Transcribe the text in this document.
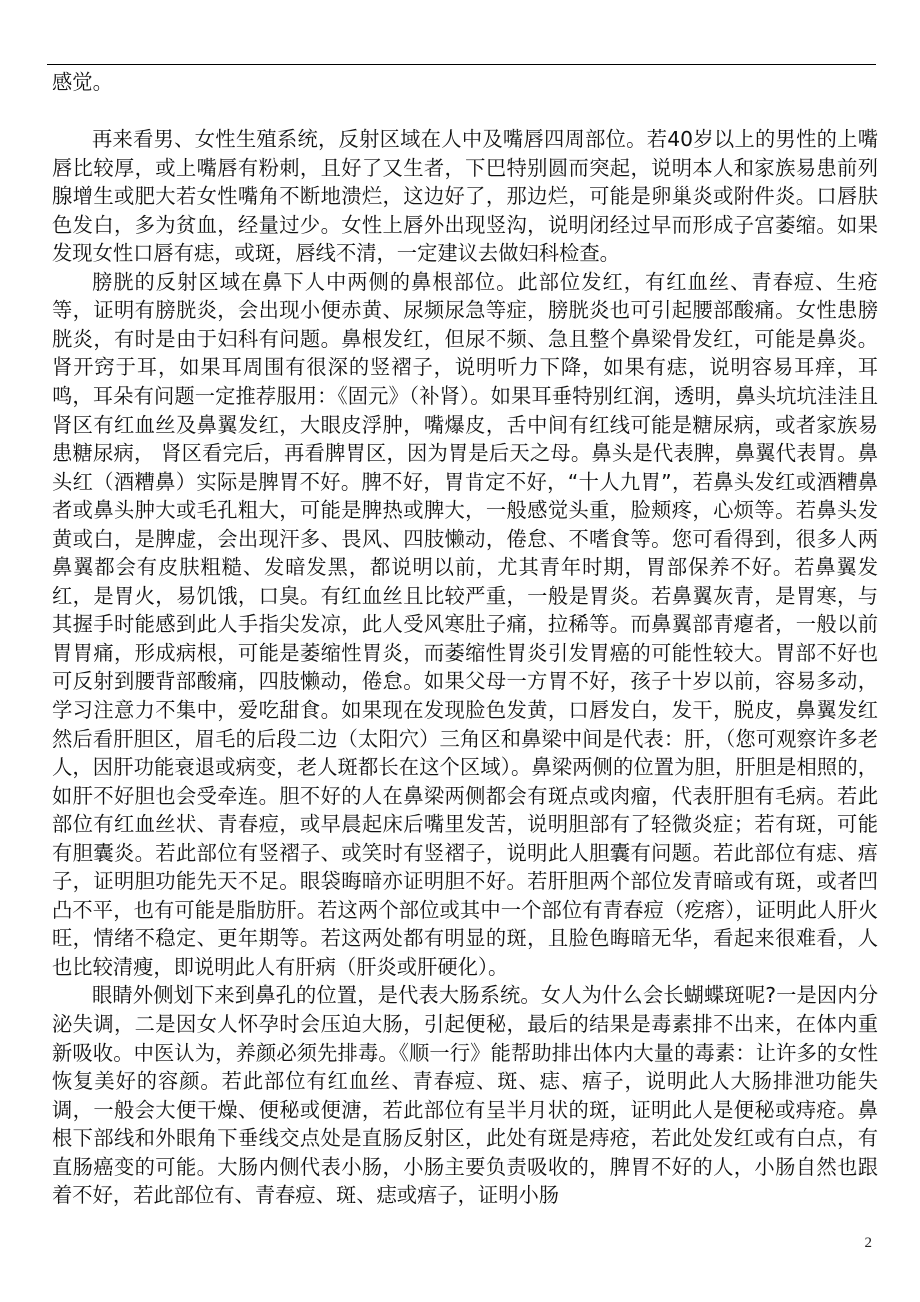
感觉。

再来看男、女性生殖系统，反射区域在人中及嘴唇四周部位。若40岁以上的男性的上嘴唇比较厚，或上嘴唇有粉刺，且好了又生者，下巴特别圆而突起，说明本人和家族易患前列腺增生或肥大若女性嘴角不断地溃烂，这边好了，那边烂，可能是卵巢炎或附件炎。口唇肤色发白，多为贫血，经量过少。女性上唇外出现竖沟，说明闭经过早而形成子宫萎缩。如果发现女性口唇有痣，或斑，唇线不清，一定建议去做妇科检查。

膀胱的反射区域在鼻下人中两侧的鼻根部位。此部位发红，有红血丝、青春痘、生疮等，证明有膀胱炎，会出现小便赤黄、尿频尿急等症，膀胱炎也可引起腰部酸痛。女性患膀胱炎，有时是由于妇科有问题。鼻根发红，但尿不频、急且整个鼻梁骨发红，可能是鼻炎。 肾开窍于耳，如果耳周围有很深的竖褶子，说明听力下降，如果有痣，说明容易耳痒，耳鸣，耳朵有问题一定推荐服用：《固元》（补肾）。如果耳垂特别红润，透明，鼻头坑坑洼洼且肾区有红血丝及鼻翼发红，大眼皮浮肿，嘴爆皮，舌中间有红线可能是糖尿病，或者家族易患糖尿病， 肾区看完后，再看脾胃区，因为胃是后天之母。鼻头是代表脾，鼻翼代表胃。鼻头红（酒糟鼻）实际是脾胃不好。脾不好，胃肯定不好，“十人九胃”，若鼻头发红或酒糟鼻者或鼻头肿大或毛孔粗大，可能是脾热或脾大，一般感觉头重，脸颊疼，心烦等。若鼻头发黄或白，是脾虚，会出现汗多、畏风、四肢懒动，倦怠、不嗜食等。您可看得到，很多人两鼻翼都会有皮肤粗糙、发暗发黑，都说明以前，尤其青年时期，胃部保养不好。若鼻翼发红，是胃火，易饥饿，口臭。有红血丝且比较严重，一般是胃炎。若鼻翼灰青，是胃寒，与其握手时能感到此人手指尖发凉，此人受风寒肚子痛，拉稀等。而鼻翼部青瘪者，一般以前胃胃痛，形成病根，可能是萎缩性胃炎，而萎缩性胃炎引发胃癌的可能性较大。胃部不好也可反射到腰背部酸痛，四肢懒动，倦怠。如果父母一方胃不好，孩子十岁以前，容易多动，学习注意力不集中，爱吃甜食。如果现在发现脸色发黄，口唇发白，发干，脱皮，鼻翼发红 然后看肝胆区，眉毛的后段二边（太阳穴）三角区和鼻梁中间是代表：肝，（您可观察许多老人，因肝功能衰退或病变，老人斑都长在这个区域）。鼻梁两侧的位置为胆，肝胆是相照的，如肝不好胆也会受牵连。胆不好的人在鼻梁两侧都会有斑点或肉瘤，代表肝胆有毛病。若此部位有红血丝状、青春痘，或早晨起床后嘴里发苦，说明胆部有了轻微炎症；若有斑，可能有胆囊炎。若此部位有竖褶子、或笑时有竖褶子，说明此人胆囊有问题。若此部位有痣、痦子，证明胆功能先天不足。眼袋晦暗亦证明胆不好。若肝胆两个部位发青暗或有斑，或者凹凸不平，也有可能是脂肪肝。若这两个部位或其中一个部位有青春痘（疙瘩），证明此人肝火旺，情绪不稳定、更年期等。若这两处都有明显的斑，且脸色晦暗无华，看起来很难看，人也比较清瘦，即说明此人有肝病（肝炎或肝硬化）。

眼睛外侧划下来到鼻孔的位置，是代表大肠系统。女人为什么会长蝴蝶斑呢?一是因内分泌失调，二是因女人怀孕时会压迫大肠，引起便秘，最后的结果是毒素排不出来，在体内重新吸收。中医认为，养颜必须先排毒。《顺一行》能帮助排出体内大量的毒素：让许多的女性恢复美好的容颜。若此部位有红血丝、青春痘、斑、痣、痦子，说明此人大肠排泄功能失调，一般会大便干燥、便秘或便溏，若此部位有呈半月状的斑，证明此人是便秘或痔疮。鼻根下部线和外眼角下垂线交点处是直肠反射区，此处有斑是痔疮，若此处发红或有白点，有直肠癌变的可能。大肠内侧代表小肠，小肠主要负责吸收的，脾胃不好的人，小肠自然也跟着不好，若此部位有、青春痘、斑、痣或痦子，证明小肠

2
